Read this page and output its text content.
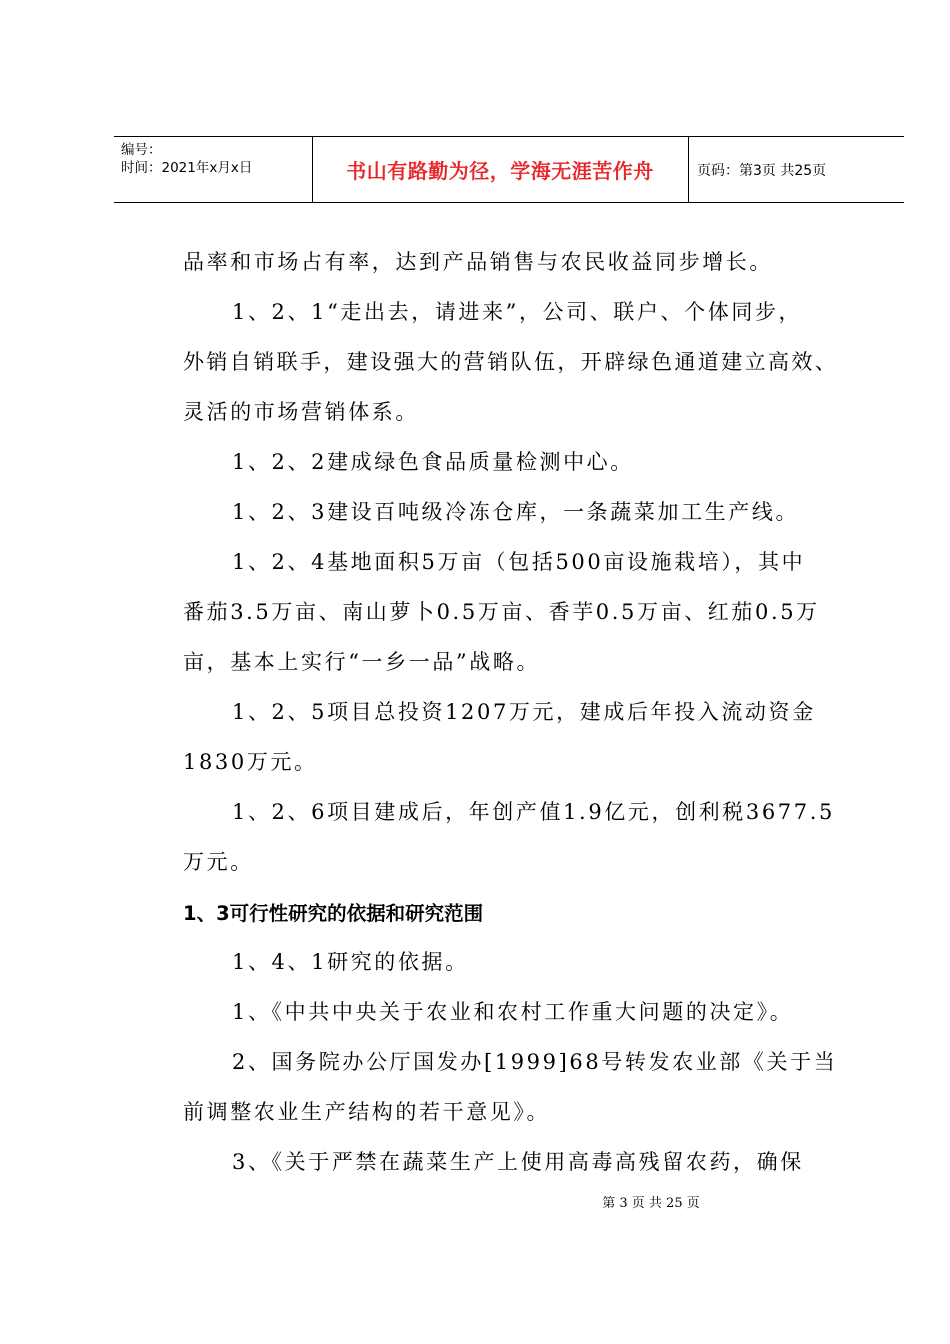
编号：
时间：2021年x月x日	书山有路勤为径，学海无涯苦作舟	页码：第3页 共25页
品率和市场占有率，达到产品销售与农民收益同步增长。
1、2、1“走出去，请进来”，公司、联户、个体同步，
外销自销联手，建设强大的营销队伍，开辟绿色通道建立高效、
灵活的市场营销体系。
1、2、2建成绿色食品质量检测中心。
1、2、3建设百吨级冷冻仓库，一条蔬菜加工生产线。
1、2、4基地面积5万亩（包括500亩设施栽培），其中
番茄3.5万亩、南山萝卜0.5万亩、香芋0.5万亩、红茄0.5万
亩，基本上实行“一乡一品”战略。
1、2、5项目总投资1207万元，建成后年投入流动资金
1830万元。
1、2、6项目建成后，年创产值1.9亿元，创利税3677.5
万元。
1、3可行性研究的依据和研究范围
1、4、1研究的依据。
1、《中共中央关于农业和农村工作重大问题的决定》。
2、国务院办公厅国发办[1999]68号转发农业部《关于当
前调整农业生产结构的若干意见》。
3、《关于严禁在蔬菜生产上使用高毒高残留农药，确保
第 3 页 共 25 页
